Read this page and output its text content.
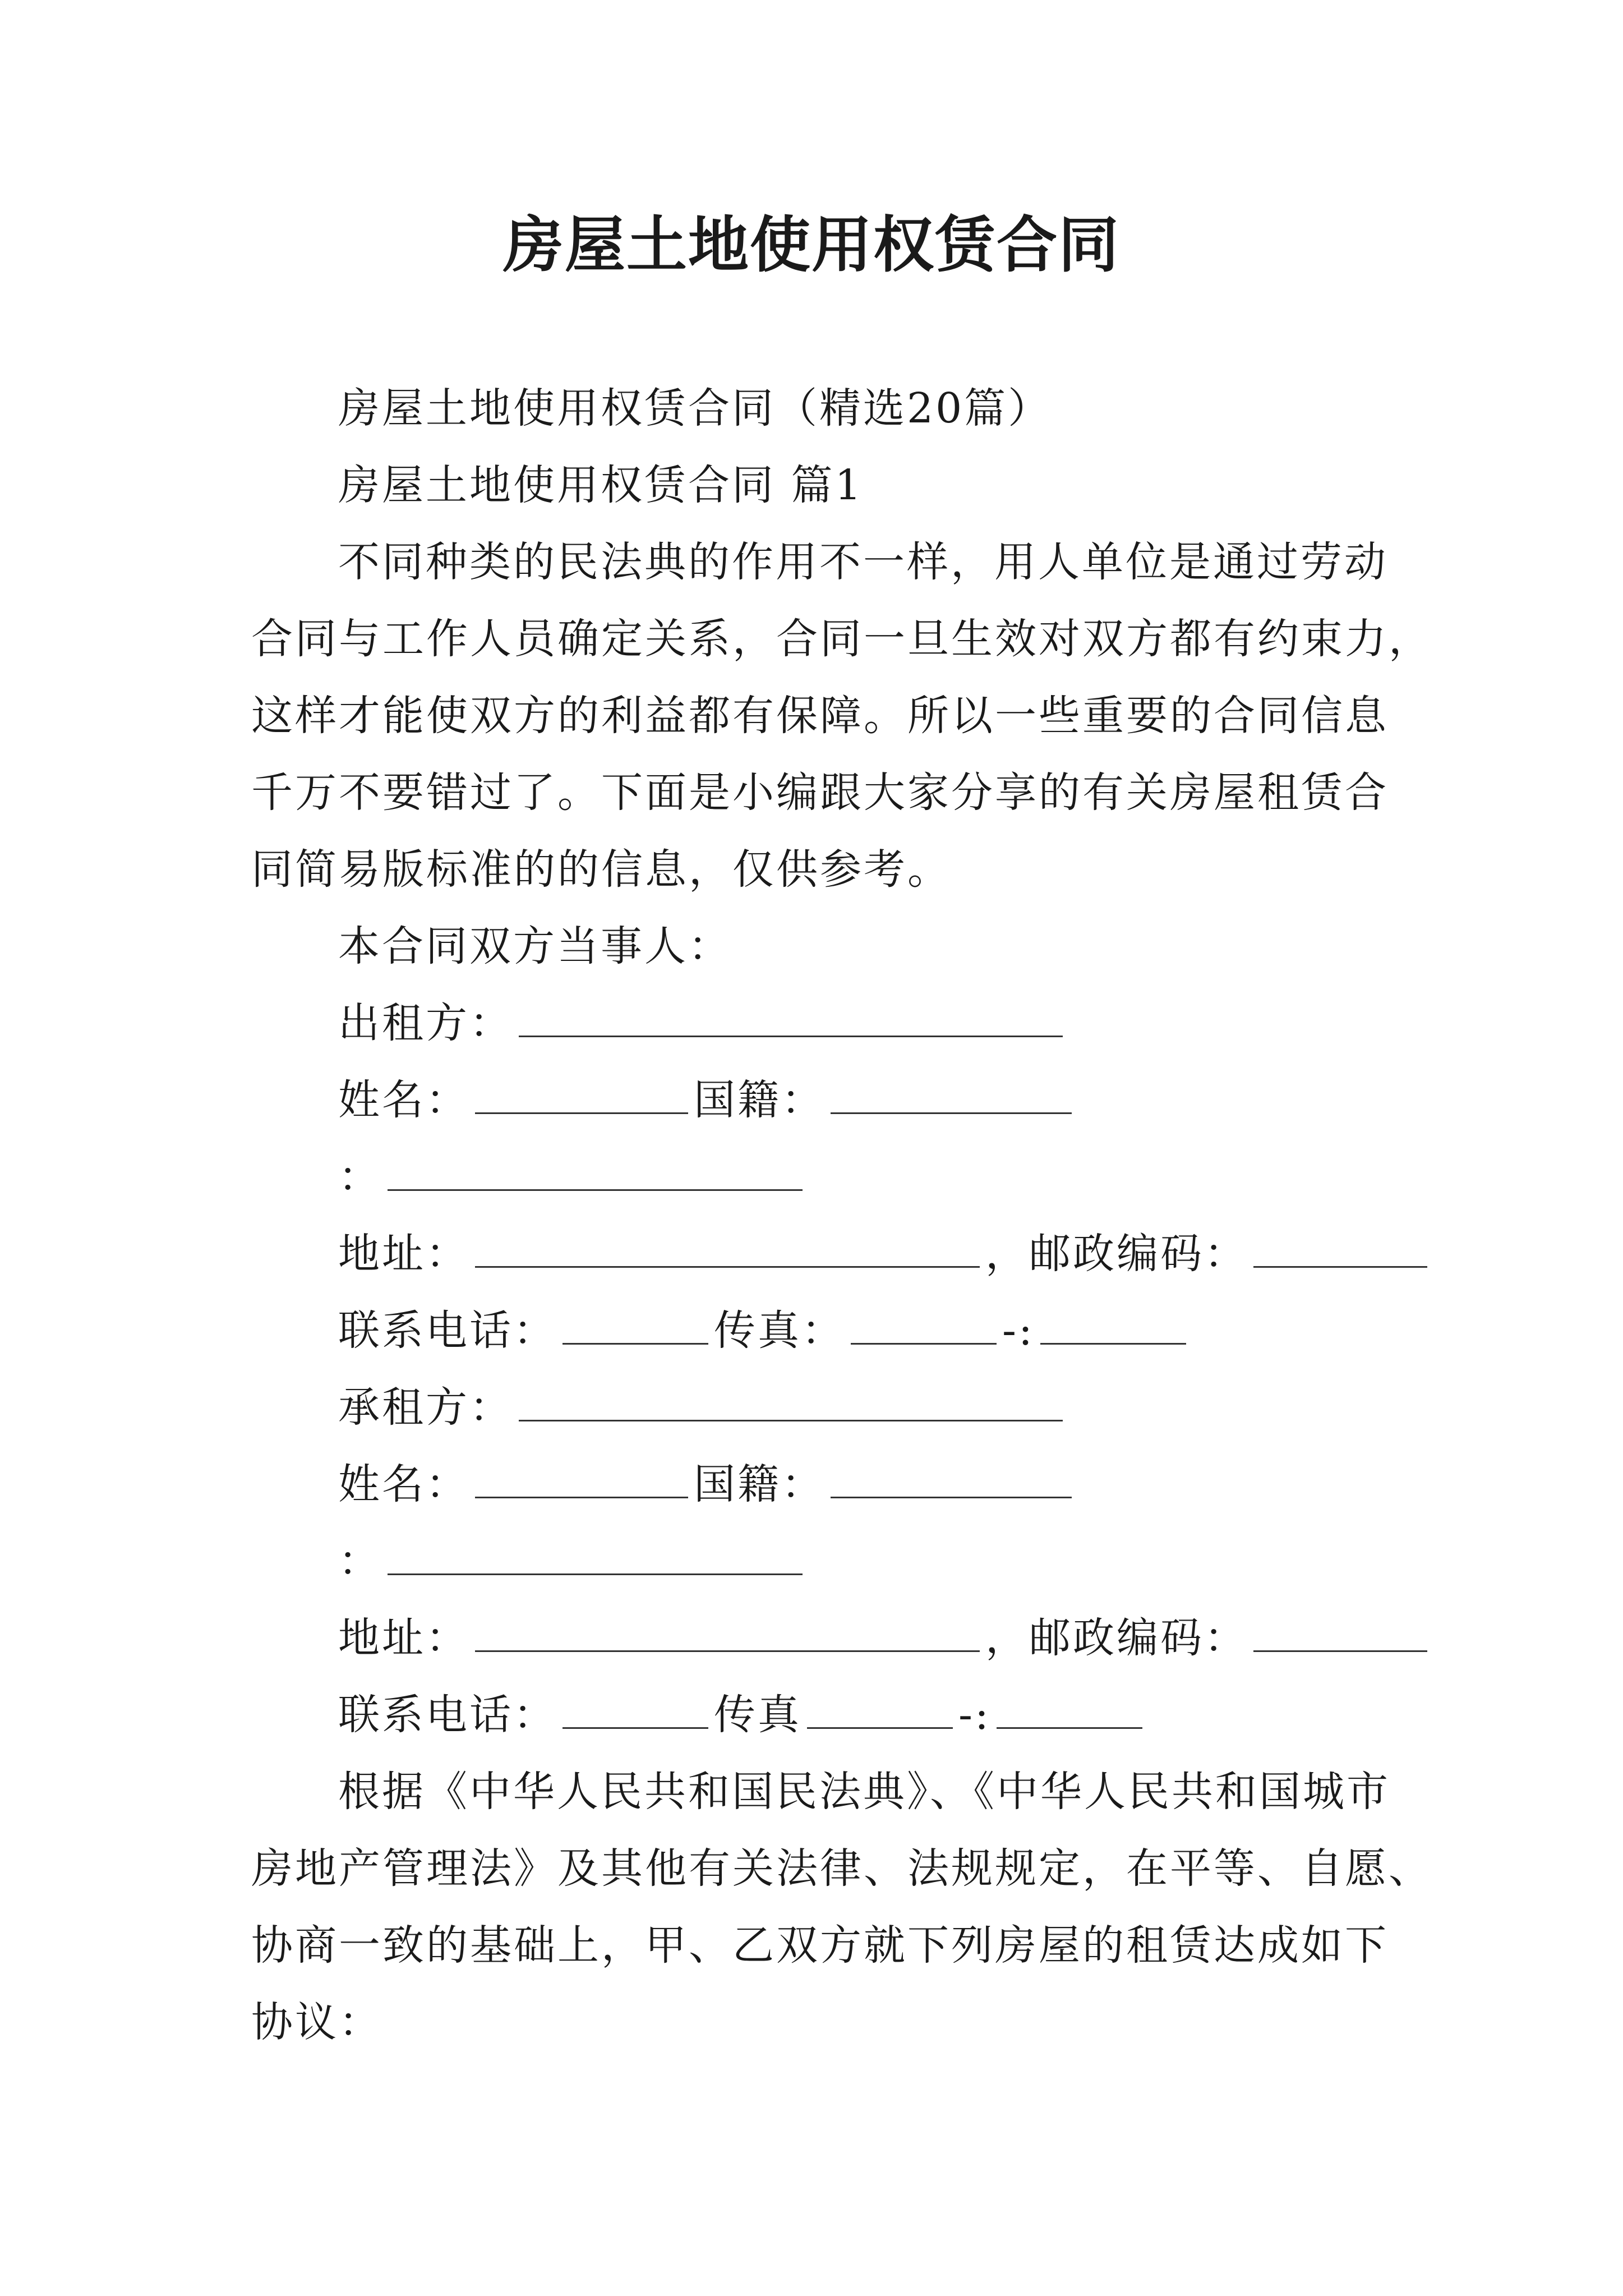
房屋土地使用权赁合同
房屋土地使用权赁合同（精选20篇）
房屋土地使用权赁合同 篇1
不同种类的民法典的作用不一样，用人单位是通过劳动
合同与工作人员确定关系，合同一旦生效对双方都有约束力，
这样才能使双方的利益都有保障。所以一些重要的合同信息
千万不要错过了。下面是小编跟大家分享的有关房屋租赁合
同简易版标准的的信息，仅供参考。
本合同双方当事人：
出租方：
姓名：	国籍：
：
地址：	，邮政编码：
联系电话：	传真：	-:
承租方：
姓名：	国籍：
：
地址：	，邮政编码：
联系电话：	传真	-:
根据《中华人民共和国民法典》、《中华人民共和国城市
房地产管理法》及其他有关法律、法规规定，在平等、自愿、
协商一致的基础上，甲、乙双方就下列房屋的租赁达成如下
协议：
